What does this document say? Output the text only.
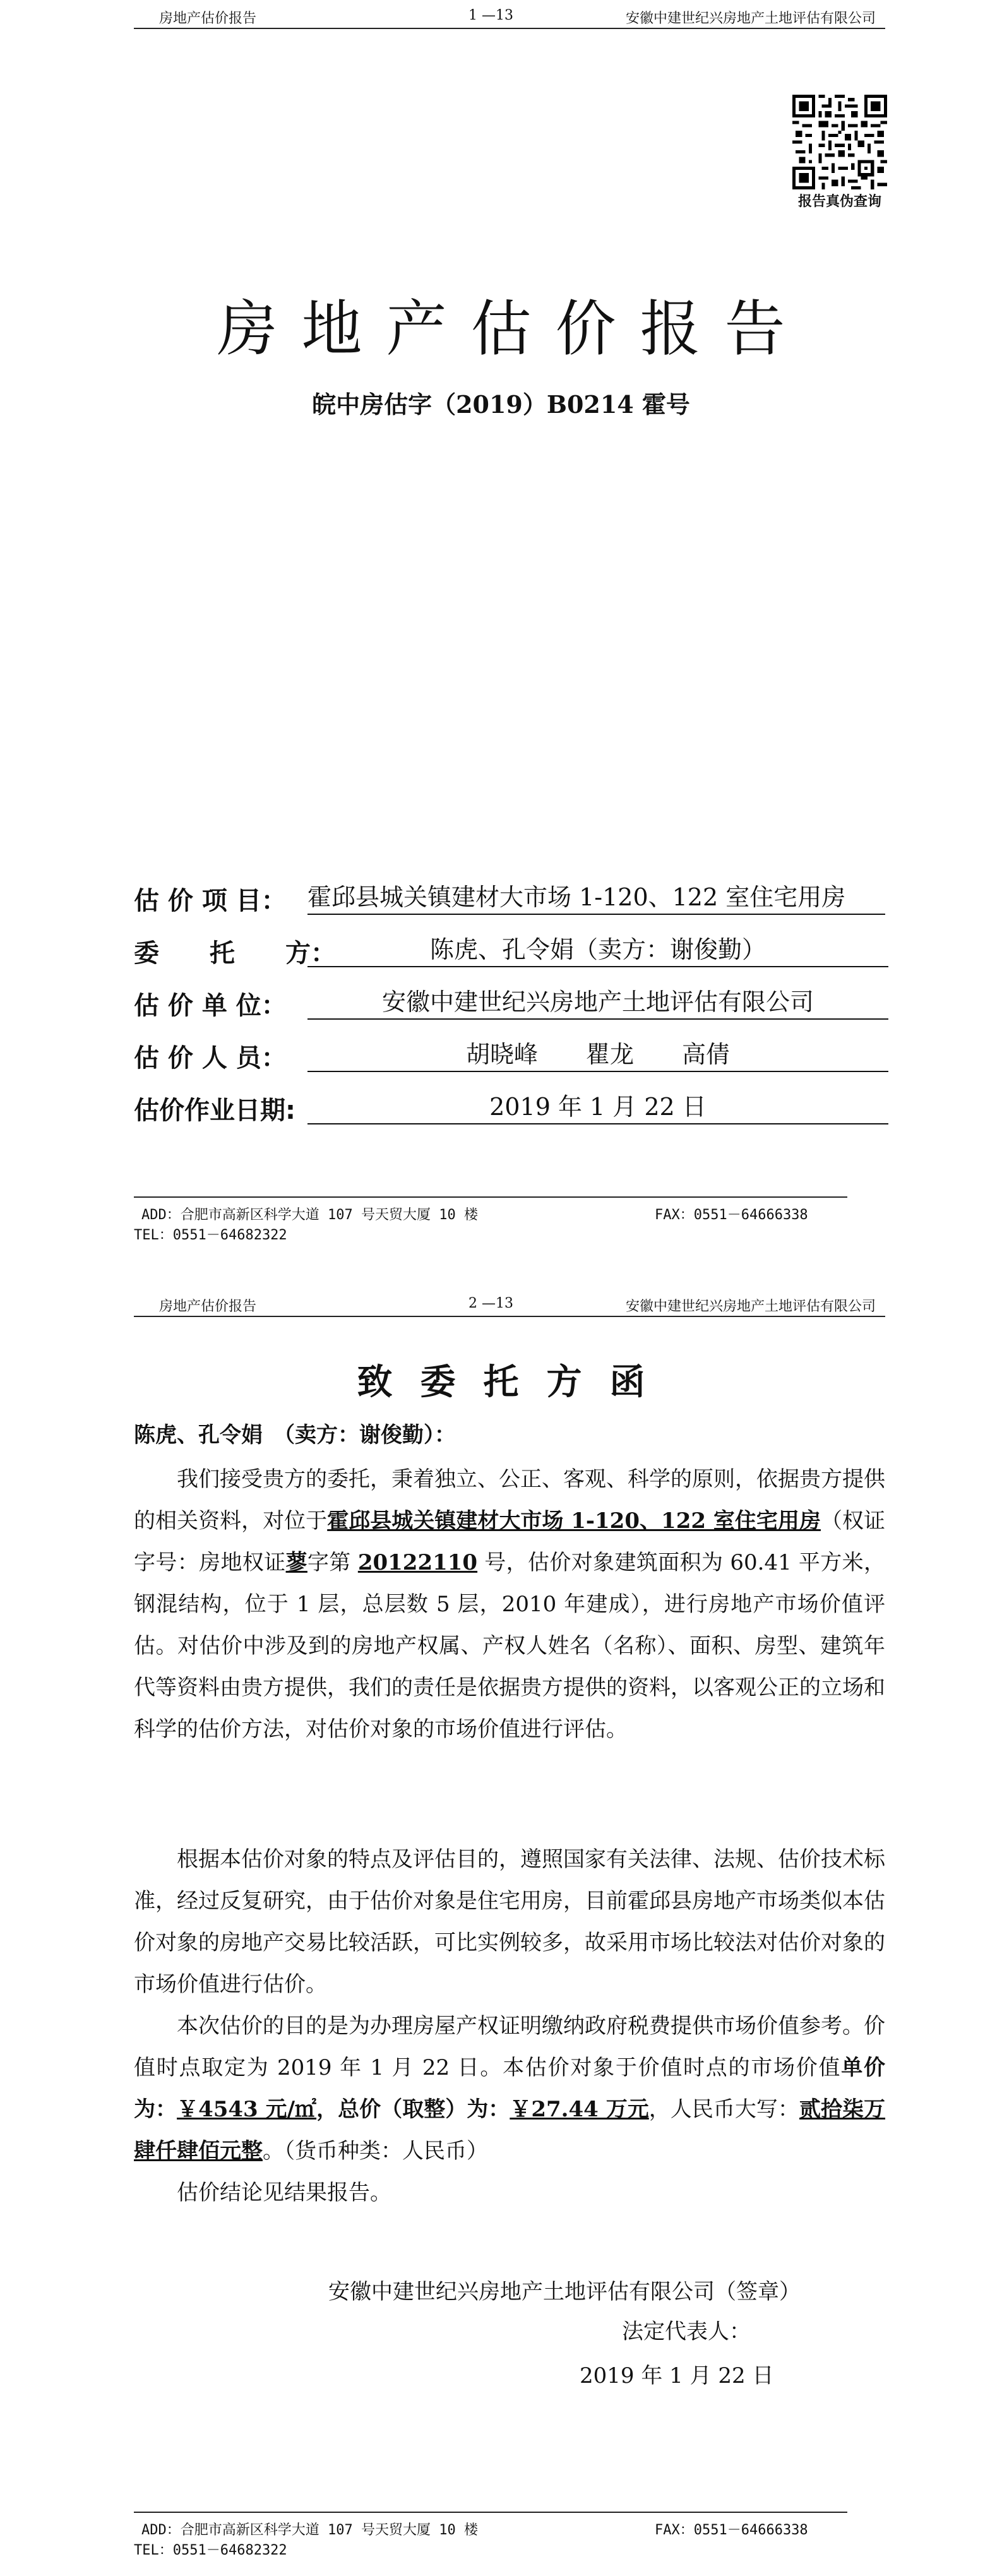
房地产估价报告	1 —13	安徽中建世纪兴房地产土地评估有限公司
报告真伪查询
房地产估价报告
皖中房估字（2019）B0214 霍号
估 价 项 目： 霍邱县城关镇建材大市场 1-120、122 室住宅用房
委　　托　　方：	陈虎、孔令娟（卖方：谢俊勤）
估 价 单 位：	安徽中建世纪兴房地产土地评估有限公司
估 价 人 员：	胡晓峰　　瞿龙　　高倩
估价作业日期:	2019 年 1 月 22 日
ADD：合肥市高新区科学大道 107 号天贸大厦 10 楼	FAX：0551－64666338
TEL：0551－64682322
房地产估价报告	2 —13	安徽中建世纪兴房地产土地评估有限公司
致委托方函
陈虎、孔令娟　（卖方：谢俊勤）：

我们接受贵方的委托，秉着独立、公正、客观、科学的原则，依据贵方提供的相关资料，对位于霍邱县城关镇建材大市场 1-120、122 室住宅用房（权证字号：房地权证蓼字第 20122110 号，估价对象建筑面积为 60.41 平方米，钢混结构，位于 1 层，总层数 5 层，2010 年建成），进行房地产市场价值评估。对估价中涉及到的房地产权属、产权人姓名（名称）、面积、房型、建筑年代等资料由贵方提供，我们的责任是依据贵方提供的资料，以客观公正的立场和科学的估价方法，对估价对象的市场价值进行评估。

根据本估价对象的特点及评估目的，遵照国家有关法律、法规、估价技术标准，经过反复研究，由于估价对象是住宅用房，目前霍邱县房地产市场类似本估价对象的房地产交易比较活跃，可比实例较多，故采用市场比较法对估价对象的市场价值进行估价。

本次估价的目的是为办理房屋产权证明缴纳政府税费提供市场价值参考。价值时点取定为 2019 年 1 月 22 日。本估价对象于价值时点的市场价值单价为：￥4543 元/㎡，总价（取整）为：￥27.44 万元，人民币大写：贰拾柒万肆仟肆佰元整。（货币种类：人民币）

估价结论见结果报告。

安徽中建世纪兴房地产土地评估有限公司（签章）
法定代表人：
2019 年 1 月 22 日
ADD：合肥市高新区科学大道 107 号天贸大厦 10 楼	FAX：0551－64666338
TEL：0551－64682322
